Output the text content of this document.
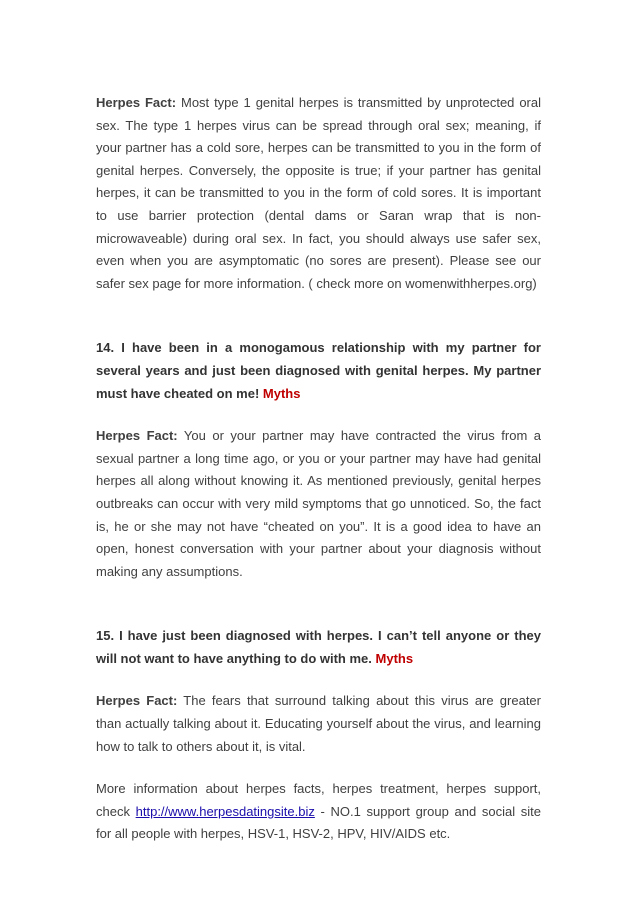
Herpes Fact: Most type 1 genital herpes is transmitted by unprotected oral sex. The type 1 herpes virus can be spread through oral sex; meaning, if your partner has a cold sore, herpes can be transmitted to you in the form of genital herpes. Conversely, the opposite is true; if your partner has genital herpes, it can be transmitted to you in the form of cold sores. It is important to use barrier protection (dental dams or Saran wrap that is non-microwaveable) during oral sex. In fact, you should always use safer sex, even when you are asymptomatic (no sores are present). Please see our safer sex page for more information. ( check more on womenwithherpes.org)

14. I have been in a monogamous relationship with my partner for several years and just been diagnosed with genital herpes. My partner must have cheated on me! Myths

Herpes Fact: You or your partner may have contracted the virus from a sexual partner a long time ago, or you or your partner may have had genital herpes all along without knowing it. As mentioned previously, genital herpes outbreaks can occur with very mild symptoms that go unnoticed. So, the fact is, he or she may not have “cheated on you”. It is a good idea to have an open, honest conversation with your partner about your diagnosis without making any assumptions.

15. I have just been diagnosed with herpes. I can’t tell anyone or they will not want to have anything to do with me. Myths

Herpes Fact: The fears that surround talking about this virus are greater than actually talking about it. Educating yourself about the virus, and learning how to talk to others about it, is vital.

More information about herpes facts, herpes treatment, herpes support, check http://www.herpesdatingsite.biz - NO.1 support group and social site for all people with herpes, HSV-1, HSV-2, HPV, HIV/AIDS etc.
